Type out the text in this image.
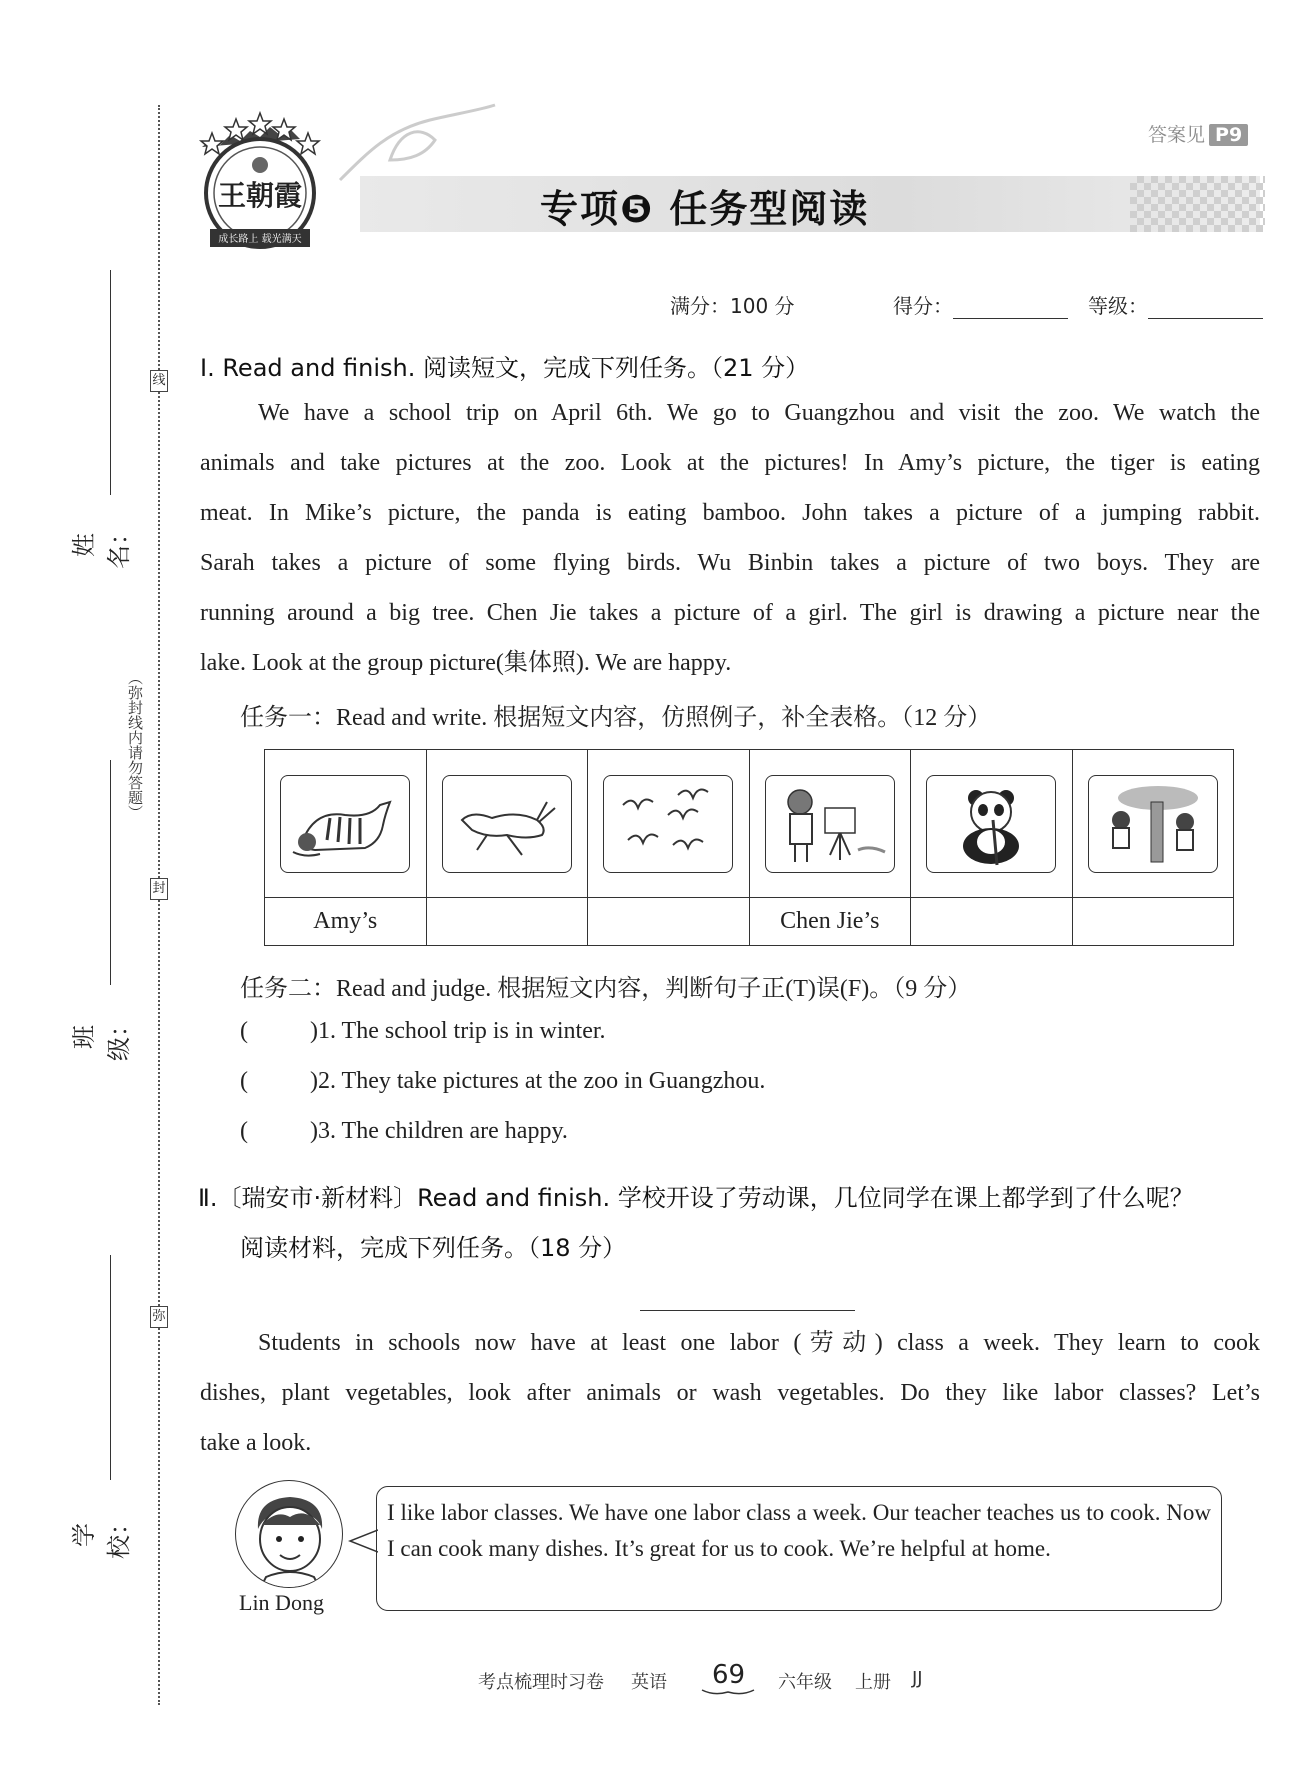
线
封
弥
（弥封线内请勿答题）
姓名：
班级：
学校：
王朝霞
成长路上 载光满天
专项❺ 任务型阅读
答案见 P9
满分：100 分	得分：	等级：
Ⅰ. Read and finish. 阅读短文，完成下列任务。（21 分）
We have a school trip on April 6th. We go to Guangzhou and visit the zoo. We watch the
animals and take pictures at the zoo. Look at the pictures! In Amy’s picture, the tiger is eating
meat. In Mike’s picture, the panda is eating bamboo. John takes a picture of a jumping rabbit.
Sarah takes a picture of some flying birds. Wu Binbin takes a picture of two boys. They are
running around a big tree. Chen Jie takes a picture of a girl. The girl is drawing a picture near the
lake. Look at the group picture(集体照). We are happy.
任务一：Read and write. 根据短文内容，仿照例子，补全表格。（12 分）

Amy’s			Chen Jie’s		
任务二：Read and judge. 根据短文内容，判断句子正(T)误(F)。（9 分）
(	)1. The school trip is in winter.
(	)2. They take pictures at the zoo in Guangzhou.
(	)3. The children are happy.
Ⅱ.〔瑞安市·新材料〕Read and finish. 学校开设了劳动课，几位同学在课上都学到了什么呢？
阅读材料，完成下列任务。（18 分）
Students in schools now have at least one labor (劳动) class a week. They learn to cook
dishes, plant vegetables, look after animals or wash vegetables. Do they like labor classes? Let’s
take a look.
Lin Dong
I like labor classes. We have one labor class a week. Our teacher teaches us to cook. Now I can cook many dishes. It’s great for us to cook. We’re helpful at home.
考点梳理时习卷 英语 69 六年级 上册 JJ
